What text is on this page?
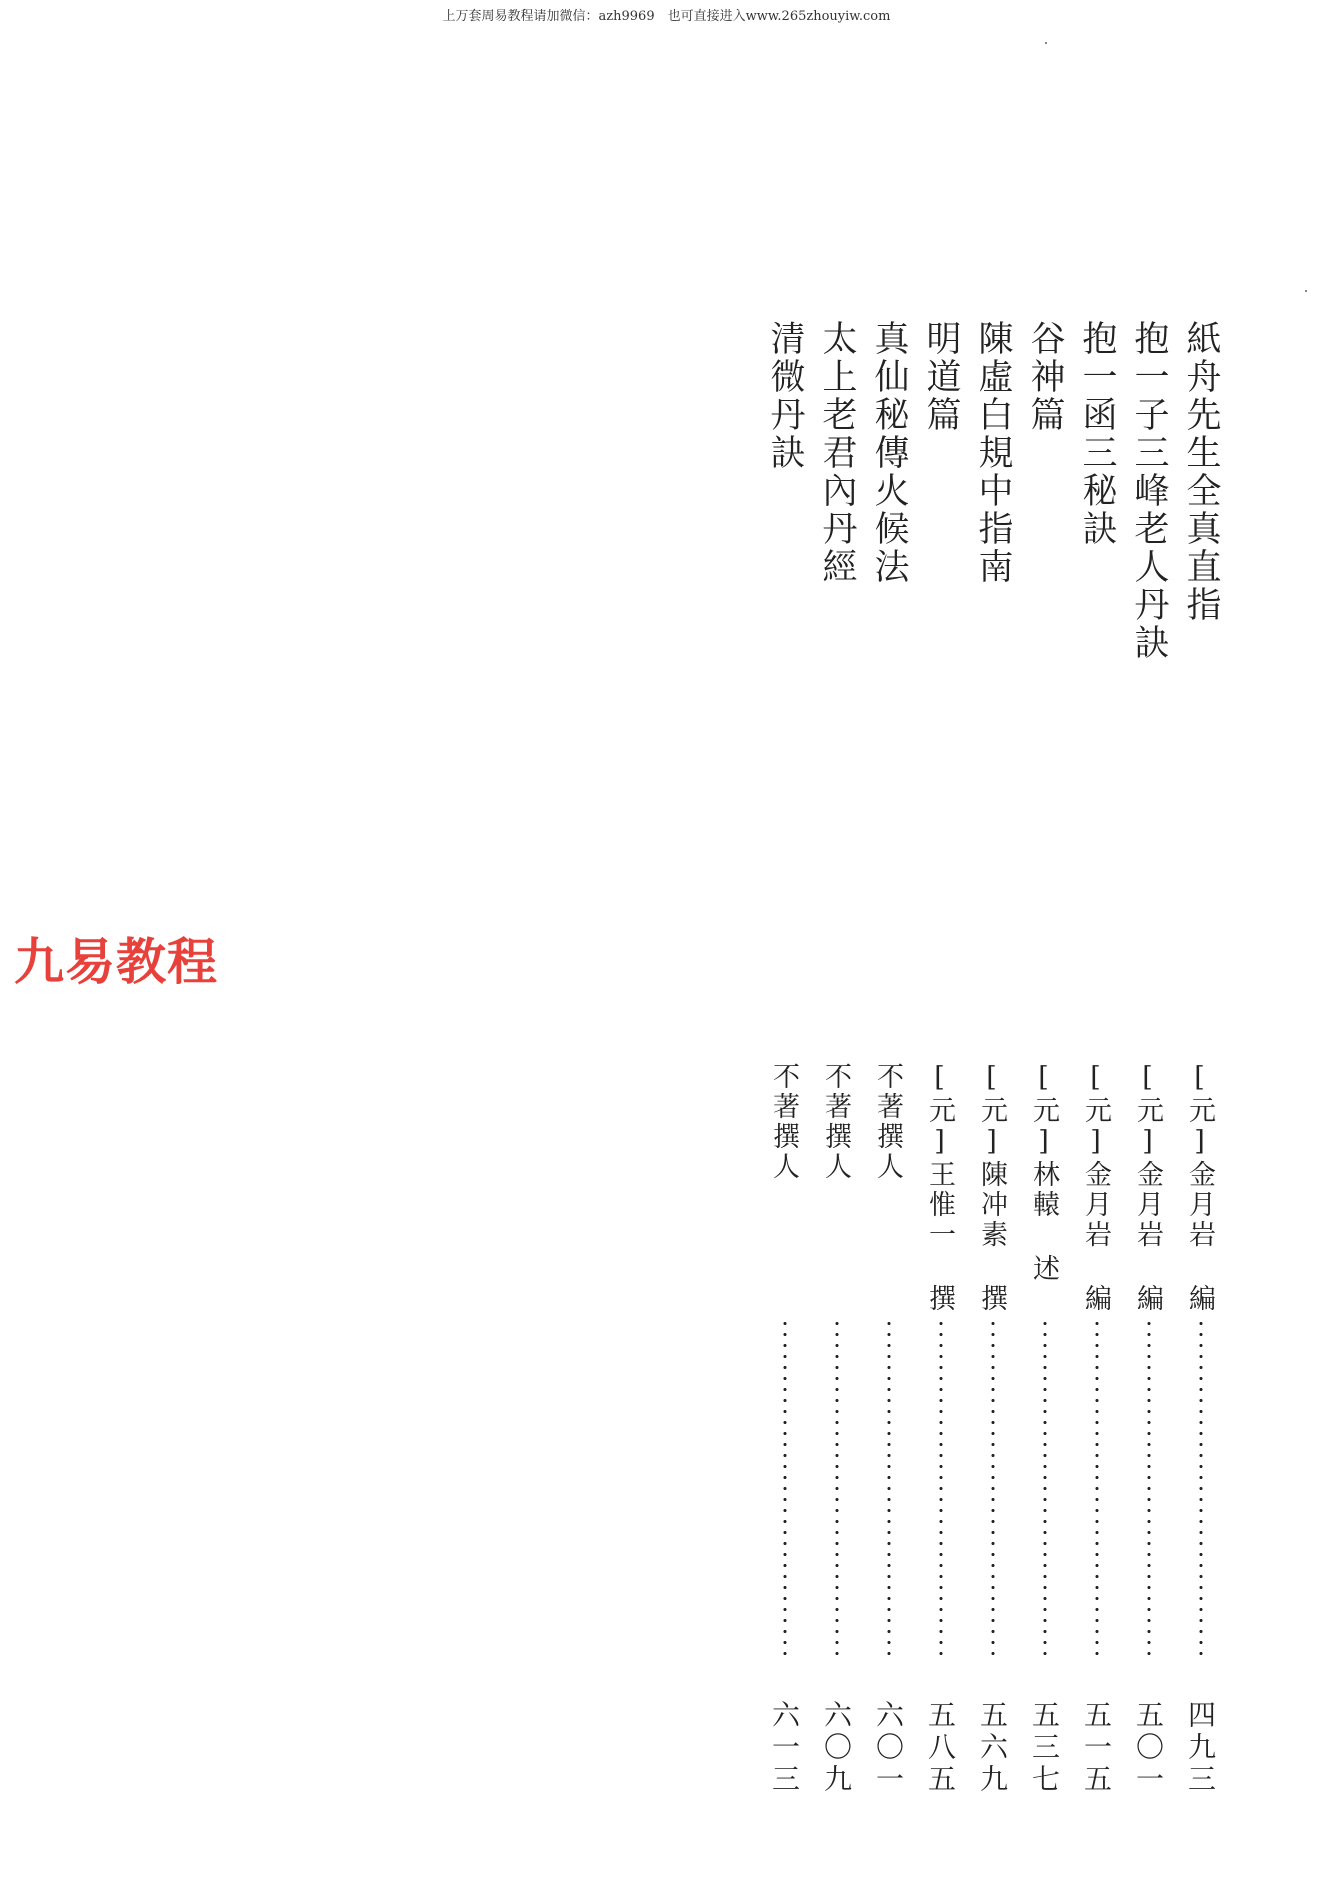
上万套周易教程请加微信：azh9969　也可直接进入www.265zhouyiw.com
九易教程
紙舟先生全真直指
[元]金月岩 編
四九三
抱一子三峰老人丹訣
[元]金月岩 編
五〇一
抱一函三秘訣
[元]金月岩 編
五一五
谷神篇
[元]林轅 述
五三七
陳虛白規中指南
[元]陳冲素 撰
五六九
明道篇
[元]王惟一 撰
五八五
真仙秘傳火候法
不著撰人
六〇一
太上老君內丹經
不著撰人
六〇九
清微丹訣
不著撰人
六一三
